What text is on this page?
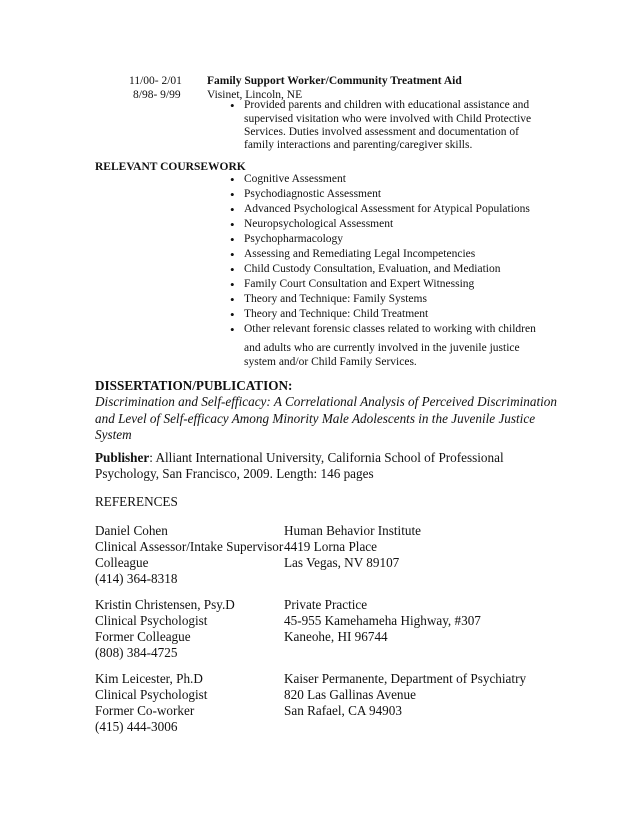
11/00- 2/01
8/98- 9/99
Family Support Worker/Community Treatment Aid
Visinet, Lincoln, NE
• Provided parents and children with educational assistance and
supervised visitation who were involved with Child Protective
Services. Duties involved assessment and documentation of
family interactions and parenting/caregiver skills.
RELEVANT COURSEWORK
• Cognitive Assessment
• Psychodiagnostic Assessment
• Advanced Psychological Assessment for Atypical Populations
• Neuropsychological Assessment
• Psychopharmacology
• Assessing and Remediating Legal Incompetencies
• Child Custody Consultation, Evaluation, and Mediation
• Family Court Consultation and Expert Witnessing
• Theory and Technique: Family Systems
• Theory and Technique: Child Treatment
• Other relevant forensic classes related to working with children
and adults who are currently involved in the juvenile justice
system and/or Child Family Services.
DISSERTATION/PUBLICATION:
Discrimination and Self-efficacy: A Correlational Analysis of Perceived Discrimination
and Level of Self-efficacy Among Minority Male Adolescents in the Juvenile Justice
System
Publisher: Alliant International University, California School of Professional
Psychology, San Francisco, 2009. Length: 146 pages
REFERENCES
Daniel Cohen
Clinical Assessor/Intake Supervisor
Colleague
(414) 364-8318
Human Behavior Institute
4419 Lorna Place
Las Vegas, NV 89107
Kristin Christensen, Psy.D
Clinical Psychologist
Former Colleague
(808) 384-4725
Private Practice
45-955 Kamehameha Highway, #307
Kaneohe, HI 96744
Kim Leicester, Ph.D
Clinical Psychologist
Former Co-worker
(415) 444-3006
Kaiser Permanente, Department of Psychiatry
820 Las Gallinas Avenue
San Rafael, CA 94903
